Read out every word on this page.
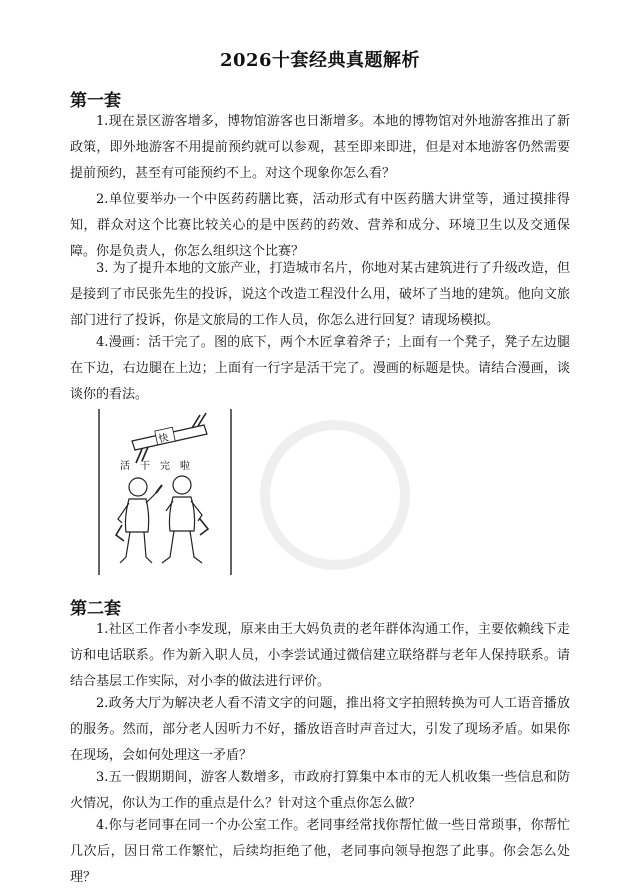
2026十套经典真题解析
第一套

1.现在景区游客增多，博物馆游客也日渐增多。本地的博物馆对外地游客推出了新政策，即外地游客不用提前预约就可以参观，甚至即来即进，但是对本地游客仍然需要提前预约，甚至有可能预约不上。对这个现象你怎么看？

2.单位要举办一个中医药药膳比赛，活动形式有中医药膳大讲堂等，通过摸排得知，群众对这个比赛比较关心的是中医药的药效、营养和成分、环境卫生以及交通保障。你是负责人，你怎么组织这个比赛？

3. 为了提升本地的文旅产业，打造城市名片，你地对某古建筑进行了升级改造，但是接到了市民张先生的投诉，说这个改造工程没什么用，破坏了当地的建筑。他向文旅部门进行了投诉，你是文旅局的工作人员，你怎么进行回复？请现场模拟。

4.漫画：活干完了。图的底下，两个木匠拿着斧子；上面有一个凳子，凳子左边腿在下边，右边腿在上边；上面有一行字是活干完了。漫画的标题是快。请结合漫画，谈谈你的看法。

快
活干完啦
第二套

1.社区工作者小李发现，原来由王大妈负责的老年群体沟通工作，主要依赖线下走访和电话联系。作为新入职人员，小李尝试通过微信建立联络群与老年人保持联系。请结合基层工作实际，对小李的做法进行评价。

2.政务大厅为解决老人看不清文字的问题，推出将文字拍照转换为可人工语音播放的服务。然而，部分老人因听力不好，播放语音时声音过大，引发了现场矛盾。如果你在现场，会如何处理这一矛盾？

3.五一假期期间，游客人数增多，市政府打算集中本市的无人机收集一些信息和防火情况，你认为工作的重点是什么？针对这个重点你怎么做？

4.你与老同事在同一个办公室工作。老同事经常找你帮忙做一些日常琐事，你帮忙几次后，因日常工作繁忙，后续均拒绝了他，老同事向领导抱怨了此事。你会怎么处理？
